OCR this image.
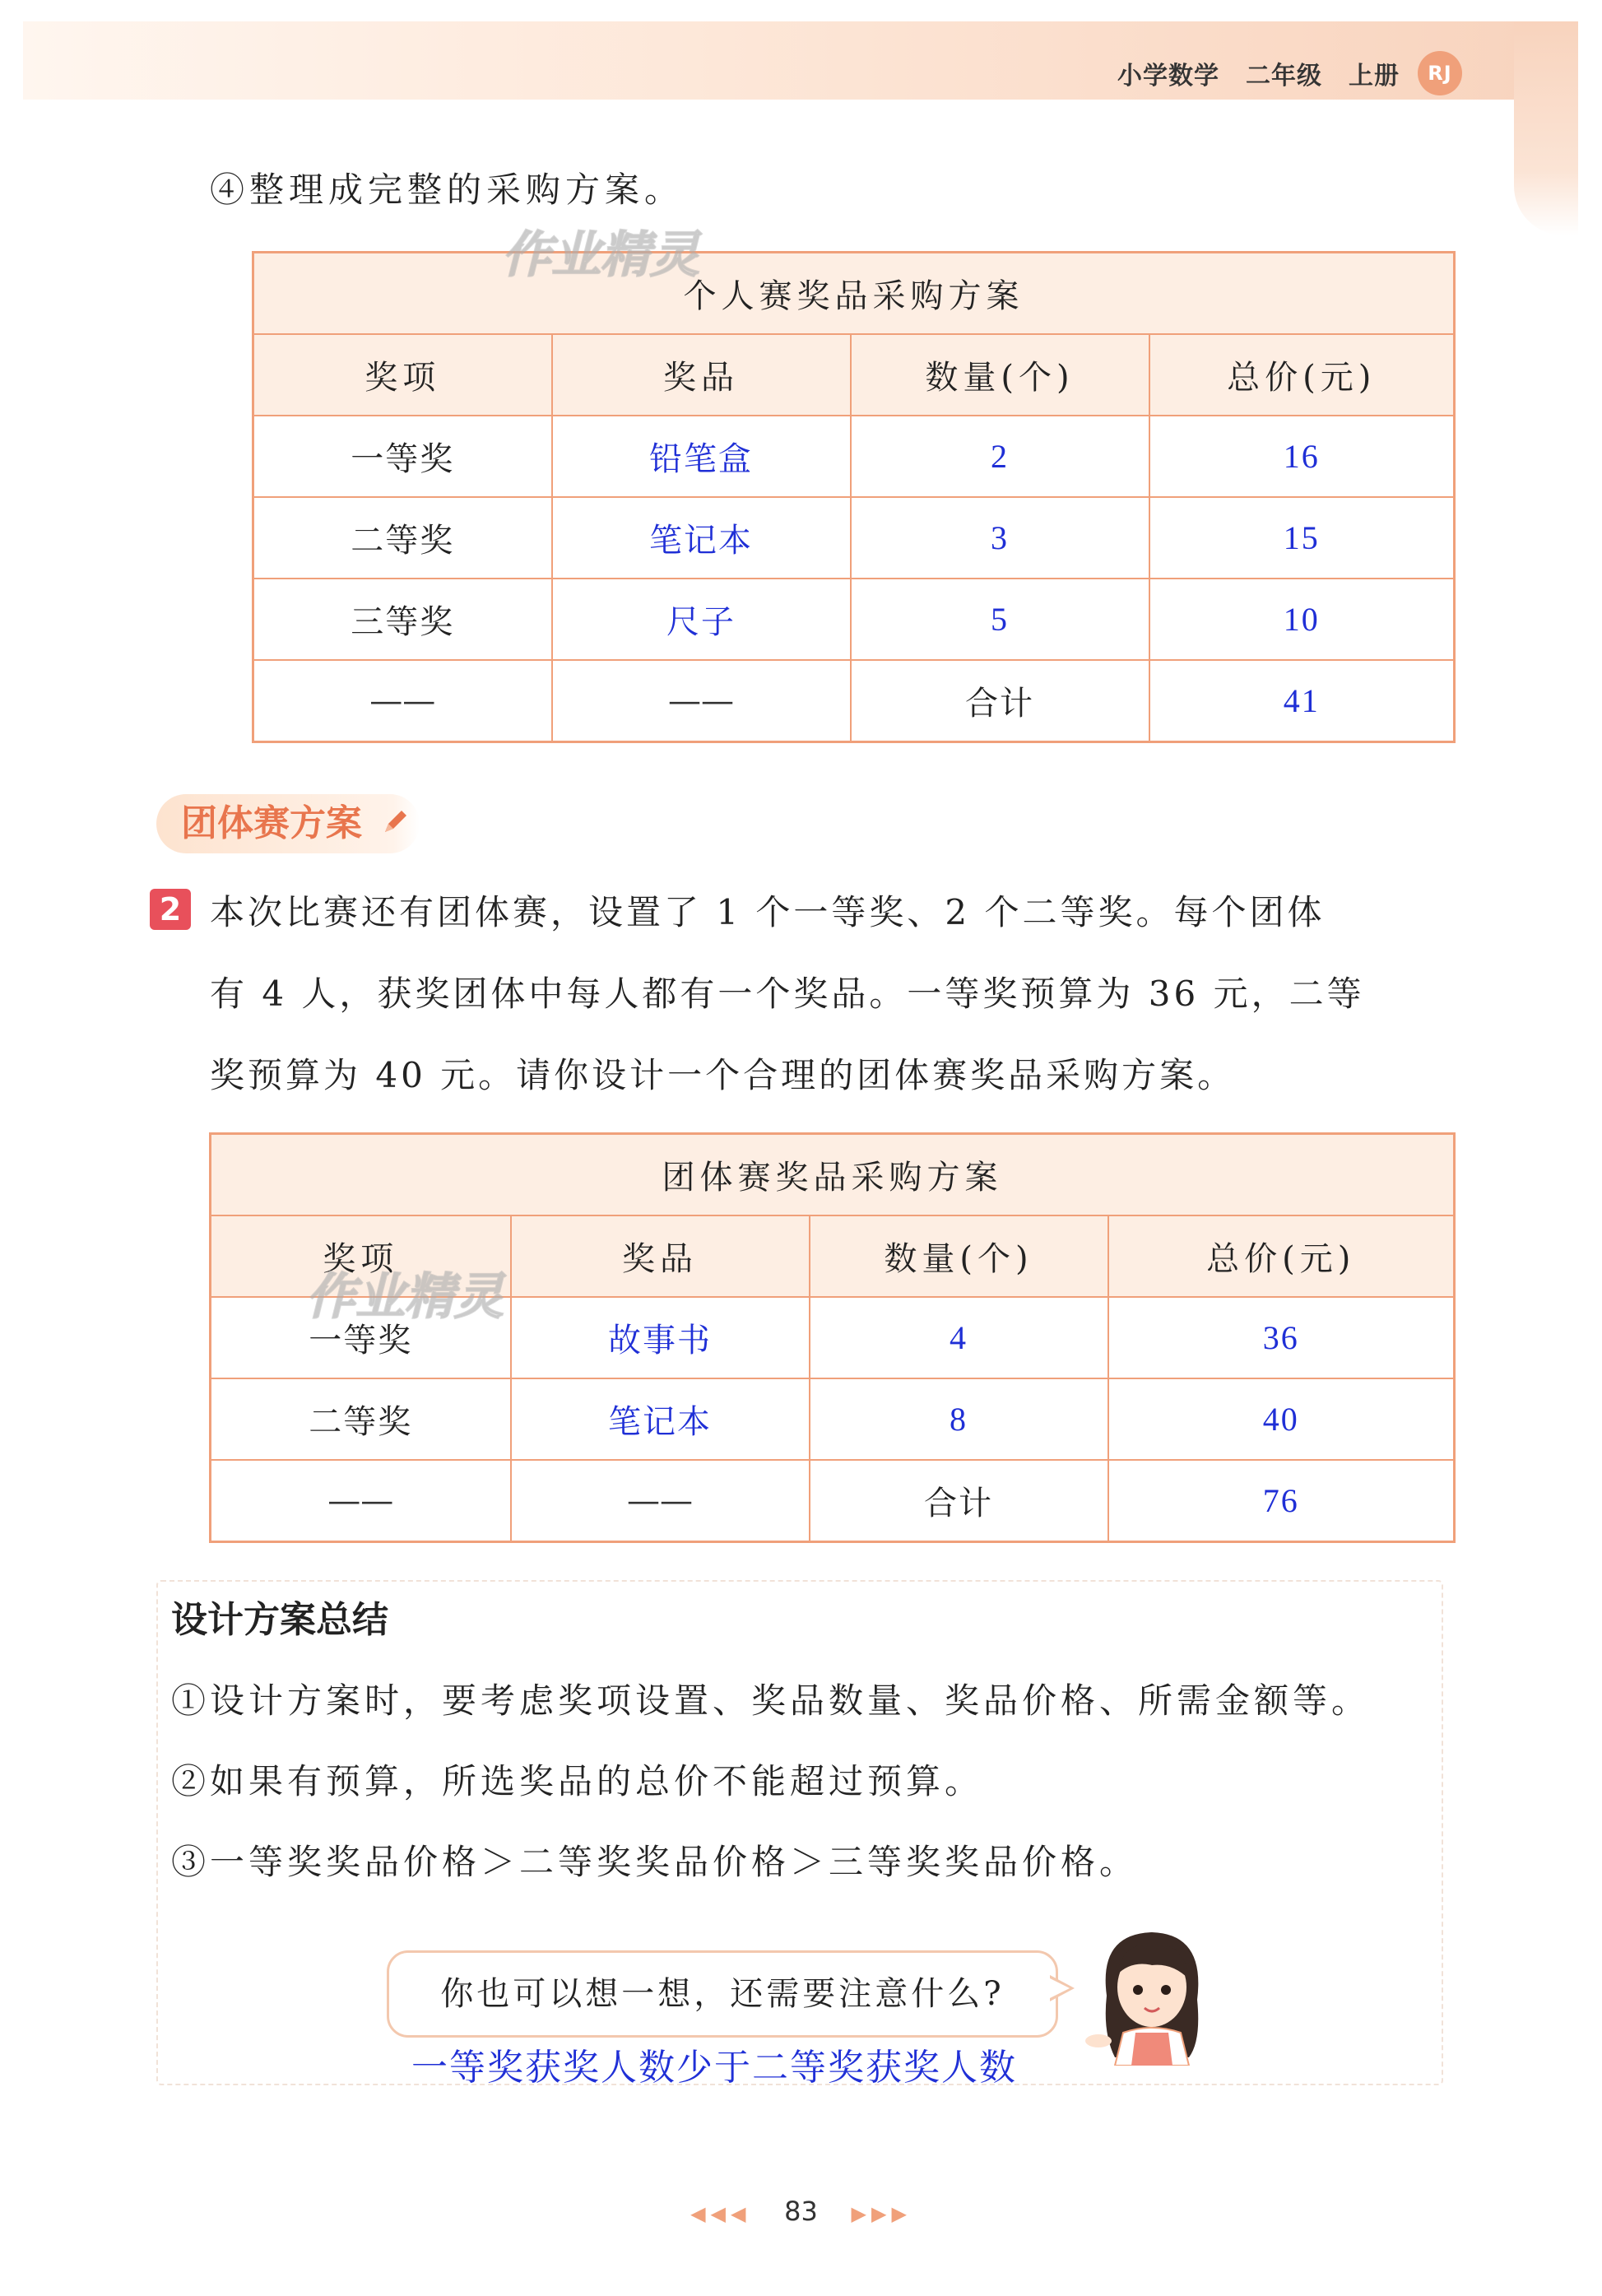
小学数学 二年级 上册	RJ
④整理成完整的采购方案。
个人赛奖品采购方案			
奖项	奖品	数量(个)	总价(元)
一等奖	铅笔盒	2	16
二等奖	笔记本	3	15
三等奖	尺子	5	10
——	——	合计	41
作业精灵
团体赛方案
2 本次比赛还有团体赛，设置了 1 个一等奖、2 个二等奖。每个团体
有 4 人，获奖团体中每人都有一个奖品。一等奖预算为 36 元，二等
奖预算为 40 元。请你设计一个合理的团体赛奖品采购方案。
团体赛奖品采购方案			
奖项	奖品	数量(个)	总价(元)
一等奖	故事书	4	36
二等奖	笔记本	8	40
——	——	合计	76
作业精灵
设计方案总结
①设计方案时，要考虑奖项设置、奖品数量、奖品价格、所需金额等。
②如果有预算，所选奖品的总价不能超过预算。
③一等奖奖品价格＞二等奖奖品价格＞三等奖奖品价格。
你也可以想一想，还需要注意什么?
一等奖获奖人数少于二等奖获奖人数
◀◀◀ 83 ▶▶▶
